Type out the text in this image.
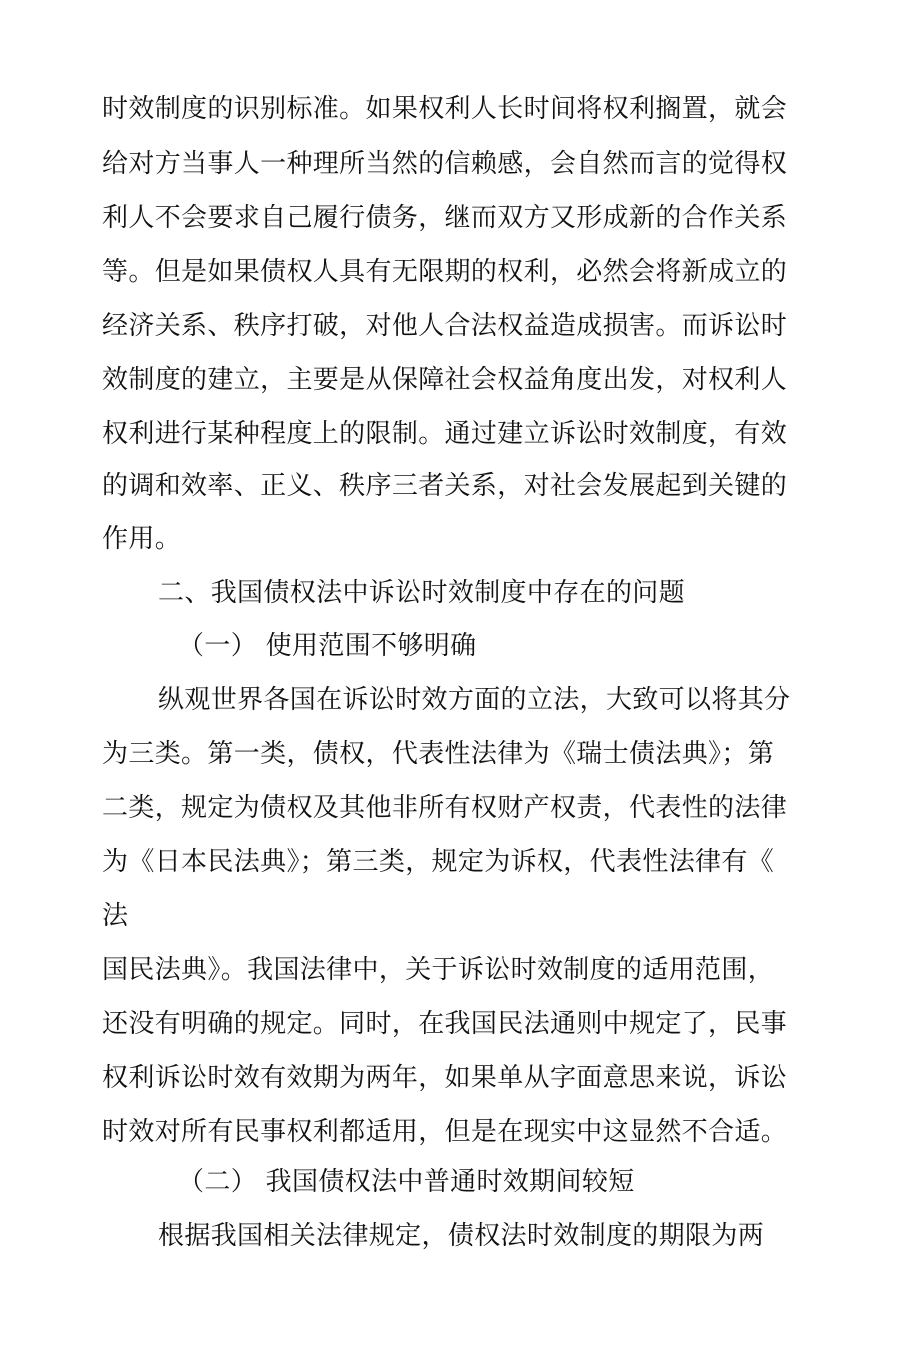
时效制度的识别标准。如果权利人长时间将权利搁置，就会
给对方当事人一种理所当然的信赖感，会自然而言的觉得权
利人不会要求自己履行债务，继而双方又形成新的合作关系
等。但是如果债权人具有无限期的权利，必然会将新成立的
经济关系、秩序打破，对他人合法权益造成损害。而诉讼时
效制度的建立，主要是从保障社会权益角度出发，对权利人
权利进行某种程度上的限制。通过建立诉讼时效制度，有效
的调和效率、正义、秩序三者关系，对社会发展起到关键的
作用。
二、我国债权法中诉讼时效制度中存在的问题
（一） 使用范围不够明确
纵观世界各国在诉讼时效方面的立法，大致可以将其分
为三类。第一类，债权，代表性法律为《瑞士债法典》；第
二类，规定为债权及其他非所有权财产权责，代表性的法律
为《日本民法典》；第三类，规定为诉权，代表性法律有《
法
国民法典》。我国法律中，关于诉讼时效制度的适用范围，
还没有明确的规定。同时，在我国民法通则中规定了，民事
权利诉讼时效有效期为两年，如果单从字面意思来说，诉讼
时效对所有民事权利都适用，但是在现实中这显然不合适。
（二） 我国债权法中普通时效期间较短
根据我国相关法律规定，债权法时效制度的期限为两
